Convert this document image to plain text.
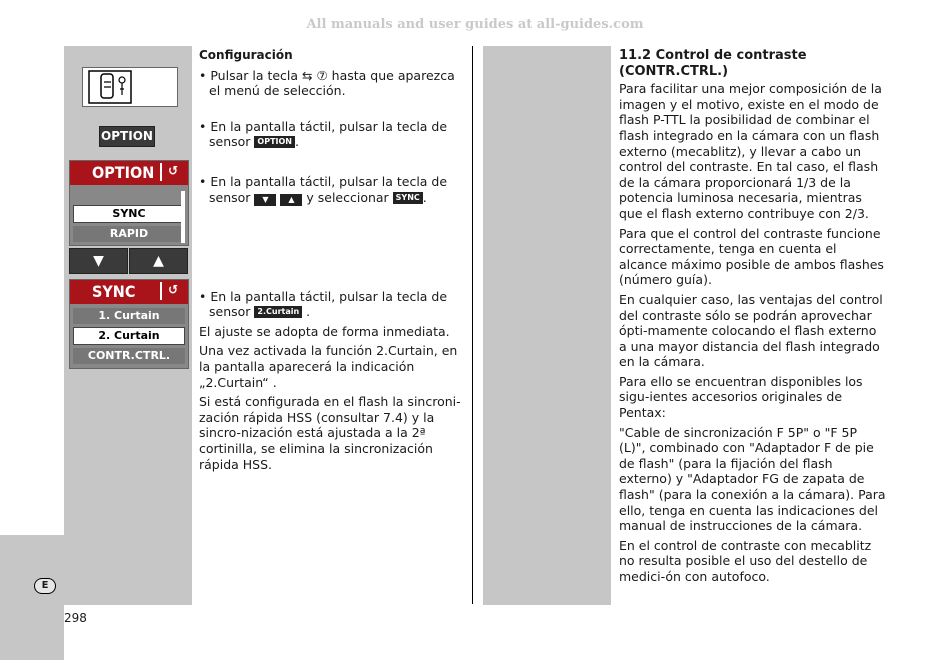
All manuals and user guides at all-guides.com
E
298
OPTION
OPTION	↺
SYNC
RAPID
▼	▲
SYNC	↺
1. Curtain
2. Curtain
CONTR.CTRL.

Configuración

• Pulsar la tecla ⇆ ⑦ hasta que aparezca el menú de selección.

• En la pantalla táctil, pulsar la tecla de sensor OPTION .

• En la pantalla táctil, pulsar la tecla de sensor ▼ ▲ y seleccionar SYNC .

• En la pantalla táctil, pulsar la tecla de sensor 2.Curtain .

El ajuste se adopta de forma inmediata.

Una vez activada la función 2.Curtain, en la pantalla aparecerá la indicación „2.Curtain“ .

Si está configurada en el flash la sincroni-zación rápida HSS (consultar 7.4) y la sincro-nización está ajustada a la 2ª cortinilla, se elimina la sincronización rápida HSS.

11.2 Control de contraste (CONTR.CTRL.)

Para facilitar una mejor composición de la imagen y el motivo, existe en el modo de flash P-TTL la posibilidad de combinar el flash integrado en la cámara con un flash externo (mecablitz), y llevar a cabo un control del contraste. En tal caso, el flash de la cámara proporcionará 1/3 de la potencia luminosa necesaria, mientras que el flash externo contribuye con 2/3.

Para que el control del contraste funcione correctamente, tenga en cuenta el alcance máximo posible de ambos flashes (número guía).

En cualquier caso, las ventajas del control del contraste sólo se podrán aprovechar ópti-mamente colocando el flash externo a una mayor distancia del flash integrado en la cámara.

Para ello se encuentran disponibles los sigu-ientes accesorios originales de Pentax:

"Cable de sincronización F 5P" o "F 5P (L)", combinado con "Adaptador F de pie de flash" (para la fijación del flash externo) y "Adaptador FG de zapata de flash" (para la conexión a la cámara). Para ello, tenga en cuenta las indicaciones del manual de instrucciones de la cámara.

En el control de contraste con mecablitz no resulta posible el uso del destello de medici-ón con autofoco.
